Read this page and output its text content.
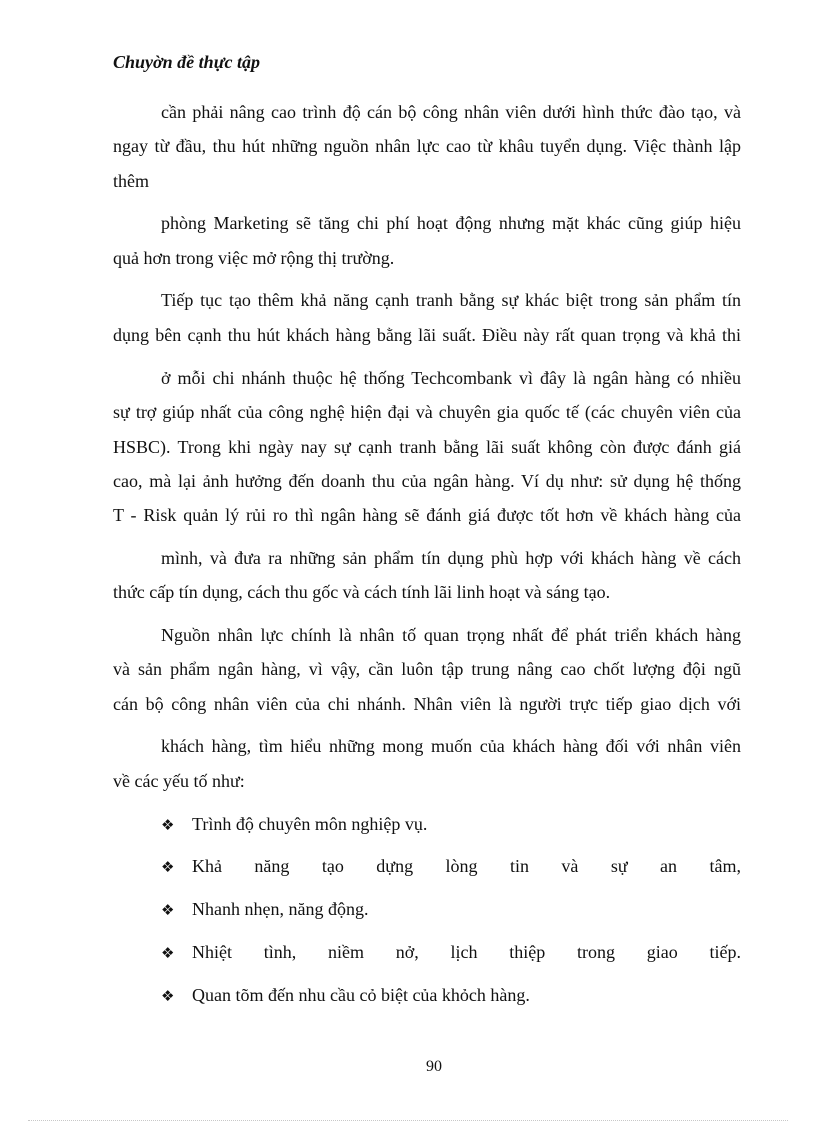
Chuyờn đề thực tập
cần phải nâng cao trình độ cán bộ công nhân viên dưới hình thức đào tạo, và
ngay từ đầu, thu hút những nguồn nhân lực cao từ khâu tuyển dụng. Việc thành lập
thêm
phòng Marketing sẽ tăng chi phí hoạt động nhưng mặt khác cũng giúp hiệu
quả hơn trong việc mở rộng thị trường.
Tiếp tục tạo thêm khả năng cạnh tranh bằng sự khác biệt trong sản phẩm tín
dụng bên cạnh thu hút khách hàng bằng lãi suất. Điều này rất quan trọng và khả thi
ở mỗi chi nhánh thuộc hệ thống Techcombank vì đây là ngân hàng có nhiều
sự trợ giúp nhất của công nghệ hiện đại và chuyên gia quốc tế (các chuyên viên của
HSBC). Trong khi ngày nay sự cạnh tranh bằng lãi suất không còn được đánh giá
cao, mà lại ảnh hưởng đến doanh thu của ngân hàng. Ví dụ như: sử dụng hệ thống
T - Risk quản lý rủi ro thì ngân hàng sẽ đánh giá được tốt hơn về khách hàng của
mình, và đưa ra những sản phẩm tín dụng phù hợp với khách hàng về cách
thức cấp tín dụng, cách thu gốc và cách tính lãi linh hoạt và sáng tạo.
Nguồn nhân lực chính là nhân tố quan trọng nhất để phát triển khách hàng
và sản phẩm ngân hàng, vì vậy, cần luôn tập trung nâng cao chốt lượng đội ngũ
cán bộ công nhân viên của chi nhánh. Nhân viên là người trực tiếp giao dịch với
khách hàng, tìm hiểu những mong muốn của khách hàng đối với nhân viên
về các yếu tố như:
❖ Trình độ chuyên môn nghiệp vụ.
❖ Khả năng tạo dựng lòng tin và sự an tâm,
❖ Nhanh nhẹn, năng động.
❖ Nhiệt tình, niềm nở, lịch thiệp trong giao tiếp.
❖ Quan tõm đến nhu cầu cỏ biệt của khỏch hàng.
90
